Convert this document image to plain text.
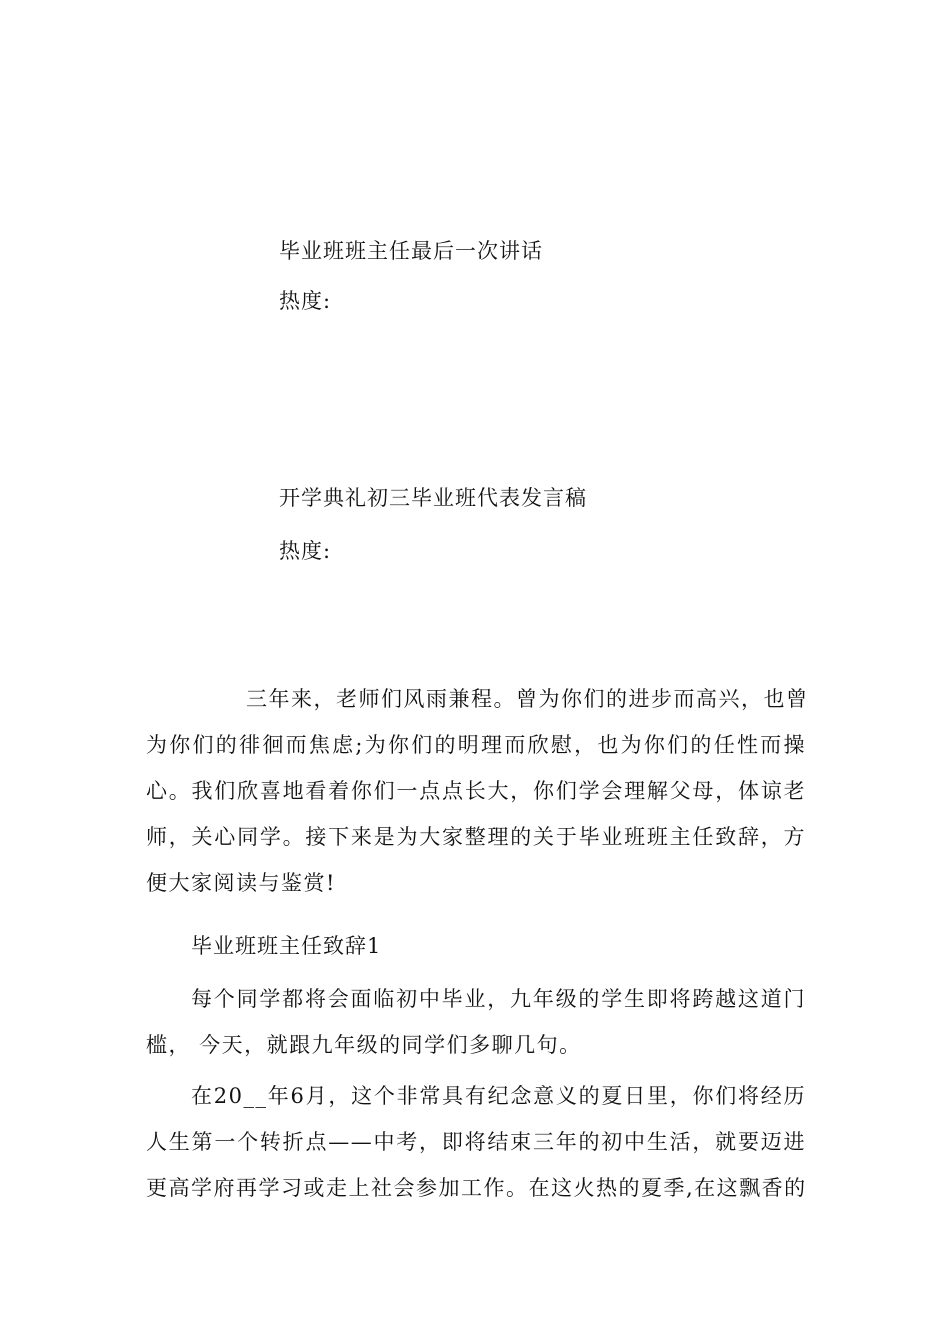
毕业班班主任最后一次讲话
热度:
开学典礼初三毕业班代表发言稿
热度:
三年来，老师们风雨兼程。曾为你们的进步而高兴，也曾
为你们的徘徊而焦虑;为你们的明理而欣慰，也为你们的任性而操
心。我们欣喜地看着你们一点点长大，你们学会理解父母，体谅老
师，关心同学。接下来是为大家整理的关于毕业班班主任致辞，方
便大家阅读与鉴赏!
毕业班班主任致辞1
每个同学都将会面临初中毕业，九年级的学生即将跨越这道门
槛， 今天，就跟九年级的同学们多聊几句。
在20__年6月，这个非常具有纪念意义的夏日里，你们将经历
人生第一个转折点——中考，即将结束三年的初中生活，就要迈进
更高学府再学习或走上社会参加工作。在这火热的夏季,在这飘香的
